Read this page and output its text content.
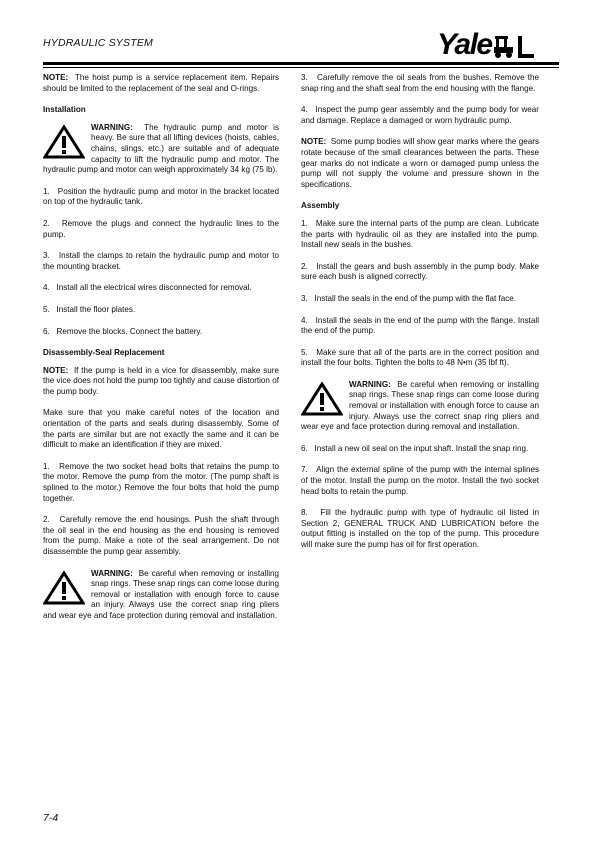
HYDRAULIC SYSTEM	Yale

NOTE: The hoist pump is a service replacement item. Repairs should be limited to the replacement of the seal and O-rings.

Installation

WARNING: The hydraulic pump and motor is heavy. Be sure that all lifting devices (hoists, cables, chains, slings, etc.) are suitable and of adequate capacity to lift the hydraulic pump and motor. The hydraulic pump and motor can weigh approximately 34 kg (75 lb).

1.   Position the hydraulic pump and motor in the bracket located on top of the hydraulic tank.

2.   Remove the plugs and connect the hydraulic lines to the pump.

3.   Install the clamps to retain the hydraulic pump and motor to the mounting bracket.

4.   Install all the electrical wires disconnected for removal.

5.   Install the floor plates.

6.   Remove the blocks. Connect the battery.

Disassembly-Seal Replacement

NOTE: If the pump is held in a vice for disassembly, make sure the vice does not hold the pump too tightly and cause distortion of the pump body.

Make sure that you make careful notes of the location and orientation of the parts and seals during disassembly. Some of the parts are similar but are not exactly the same and it can be difficult to make an identification if they are mixed.

1.   Remove the two socket head bolts that retains the pump to the motor. Remove the pump from the motor. (The pump shaft is splined to the motor.) Remove the four bolts that hold the pump together.

2.   Carefully remove the end housings. Push the shaft through the oil seal in the end housing as the end housing is removed from the pump. Make a note of the seal arrangement. Do not disassemble the pump gear assembly.

WARNING: Be careful when removing or installing snap rings. These snap rings can come loose during removal or installation with enough force to cause an injury. Always use the correct snap ring pliers and wear eye and face protection during removal and installation.

3.   Carefully remove the oil seals from the bushes. Remove the snap ring and the shaft seal from the end housing with the flange.

4.   Inspect the pump gear assembly and the pump body for wear and damage. Replace a damaged or worn hydraulic pump.

NOTE: Some pump bodies will show gear marks where the gears rotate because of the small clearances between the parts. These gear marks do not indicate a worn or damaged pump unless the pump will not supply the volume and pressure shown in the specifications.

Assembly

1.   Make sure the internal parts of the pump are clean. Lubricate the parts with hydraulic oil as they are installed into the pump. Install new seals in the bushes.

2.   Install the gears and bush assembly in the pump body. Make sure each bush is aligned correctly.

3.   Install the seals in the end of the pump with the flat face.

4.   Install the seals in the end of the pump with the flange. Install the end of the pump.

5.   Make sure that all of the parts are in the correct position and install the four bolts. Tighten the bolts to 48 N•m (35 lbf ft).

WARNING: Be careful when removing or installing snap rings. These snap rings can come loose during removal or installation with enough force to cause an injury. Always use the correct snap ring pliers and wear eye and face protection during removal and installation.

6.   Install a new oil seal on the input shaft. Install the snap ring.

7.   Align the external spline of the pump with the internal splines of the motor. Install the pump on the motor. Install the two socket head bolts to retain the pump.

8.   Fill the hydraulic pump with type of hydraulic oil listed in Section 2, GENERAL TRUCK AND LUBRICATION before the output fitting is installed on the top of the pump. This procedure will make sure the pump has oil for first operation.

7-4
